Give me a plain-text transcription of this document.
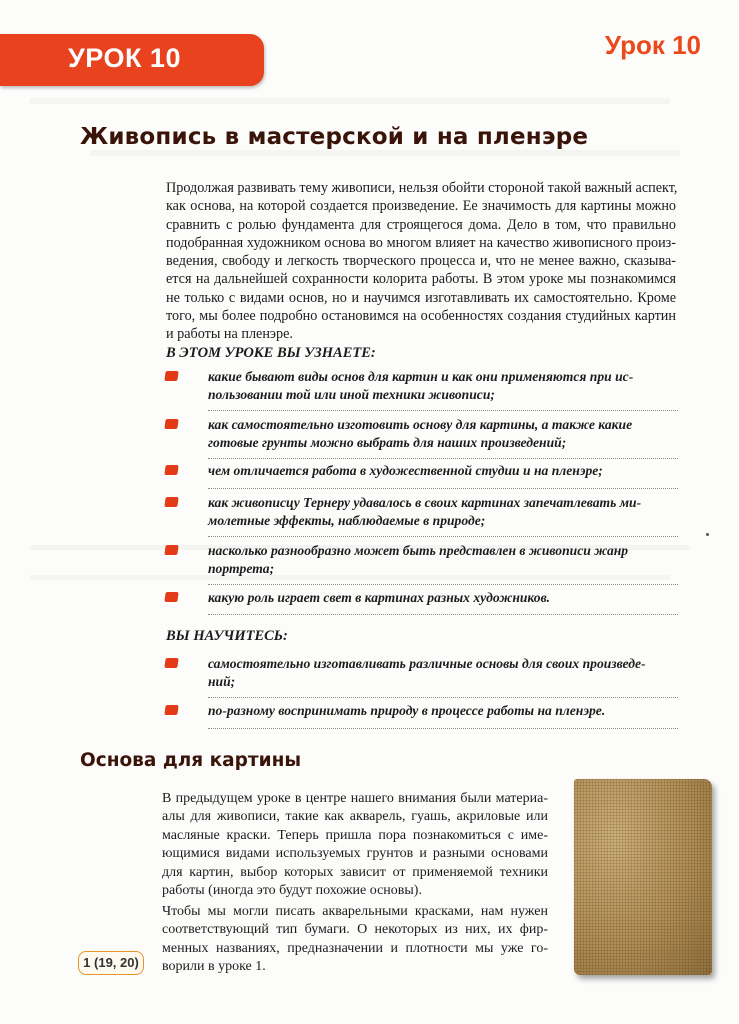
УРОК 10	Урок 10
Живопись в мастерской и на пленэре

Продолжая развивать тему живописи, нельзя обойти стороной такой важный аспект,
как основа, на которой создается произведение. Ее значимость для картины можно
сравнить с ролью фундамента для строящегося дома. Дело в том, что правильно
подобранная художником основа во многом влияет на качество живописного произ-
ведения, свободу и легкость творческого процесса и, что не менее важно, сказыва-
ется на дальнейшей сохранности колорита работы. В этом уроке мы познакомимся
не только с видами основ, но и научимся изготавливать их самостоятельно. Кроме
того, мы более подробно остановимся на особенностях создания студийных картин
и работы на пленэре.

В ЭТОМ УРОКЕ ВЫ УЗНАЕТЕ:
какие бывают виды основ для картин и как они применяются при ис-
пользовании той или иной техники живописи;
как самостоятельно изготовить основу для картины, а также какие
готовые грунты можно выбрать для наших произведений;
чем отличается работа в художественной студии и на пленэре;
как живописцу Тернеру удавалось в своих картинах запечатлевать ми-
молетные эффекты, наблюдаемые в природе;
насколько разнообразно может быть представлен в живописи жанр
портрета;
какую роль играет свет в картинах разных художников.
ВЫ НАУЧИТЕСЬ:
самостоятельно изготавливать различные основы для своих произведе-
ний;
по-разному воспринимать природу в процессе работы на пленэре.
Основа для картины

В предыдущем уроке в центре нашего внимания были материа-
алы для живописи, такие как акварель, гуашь, акриловые или
масляные краски. Теперь пришла пора познакомиться с име-
ющимися видами используемых грунтов и разными основами
для картин, выбор которых зависит от применяемой техники
работы (иногда это будут похожие основы).

Чтобы мы могли писать акварельными красками, нам нужен
соответствующий тип бумаги. О некоторых из них, их фир-
менных названиях, предназначении и плотности мы уже го-
ворили в уроке 1.

1 (19, 20)
